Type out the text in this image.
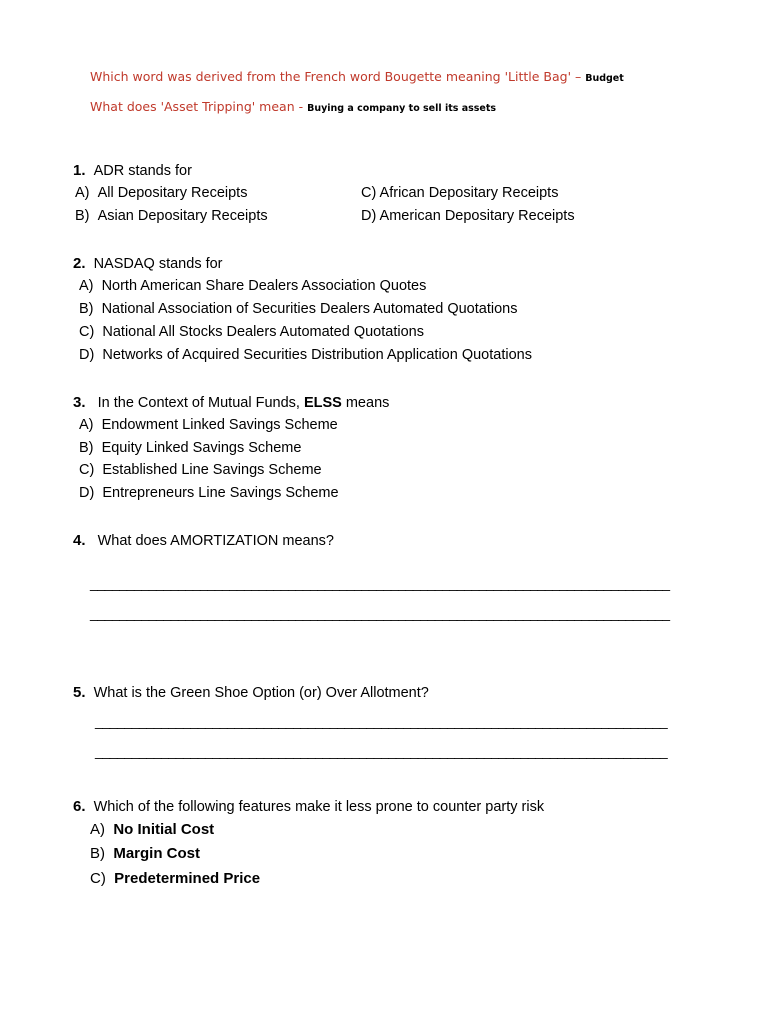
Which word was derived from the French word Bougette meaning 'Little Bag' – Budget
What does 'Asset Tripping' mean - Buying a company to sell its assets
1. ADR stands for
A) All Depositary Receipts
B) Asian Depositary Receipts
C) African Depositary Receipts
D) American Depositary Receipts
2. NASDAQ stands for
A) North American Share Dealers Association Quotes
B) National Association of Securities Dealers Automated Quotations
C) National All Stocks Dealers Automated Quotations
D) Networks of Acquired Securities Distribution Application Quotations
3. In the Context of Mutual Funds, ELSS means
A) Endowment Linked Savings Scheme
B) Equity Linked Savings Scheme
C) Established Line Savings Scheme
D) Entrepreneurs Line Savings Scheme
4. What does AMORTIZATION means?
_______________________________________________________________________________
_______________________________________________________________________________
5. What is the Green Shoe Option (or) Over Allotment?
______________________________________________________________________________
______________________________________________________________________________
6. Which of the following features make it less prone to counter party risk
A) No Initial Cost
B) Margin Cost
C) Predetermined Price
